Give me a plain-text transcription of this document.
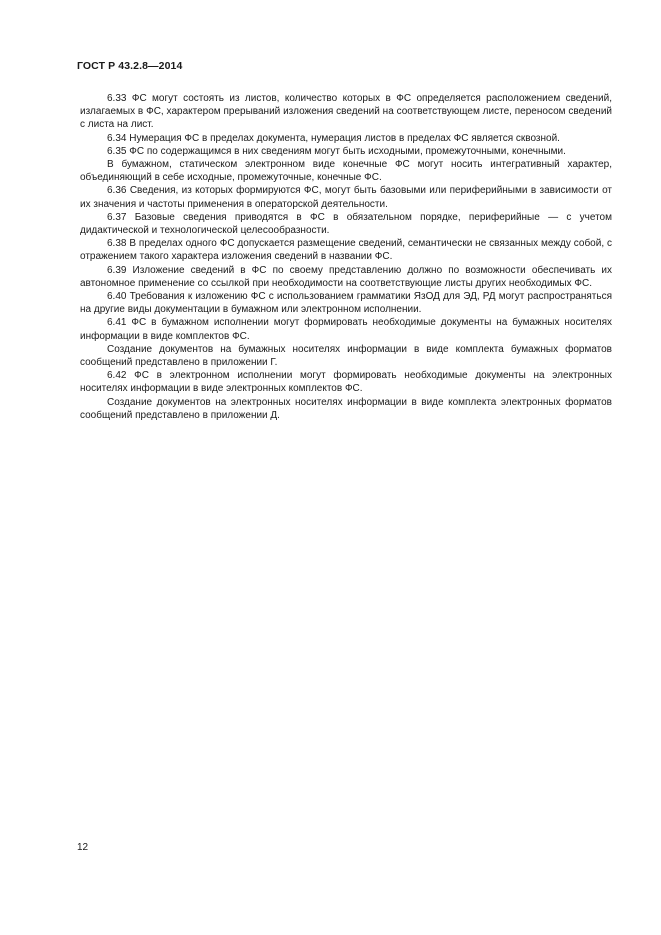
ГОСТ Р 43.2.8—2014

6.33 ФС могут состоять из листов, количество которых в ФС определяется расположением сведений, излагаемых в ФС, характером прерываний изложения сведений на соответствующем листе, переносом сведений с листа на лист.

6.34 Нумерация ФС в пределах документа, нумерация листов в пределах ФС является сквозной.

6.35 ФС по содержащимся в них сведениям могут быть исходными, промежуточными, конечными.

В бумажном, статическом электронном виде конечные ФС могут носить интегративный характер, объединяющий в себе исходные, промежуточные, конечные ФС.

6.36 Сведения, из которых формируются ФС, могут быть базовыми или периферийными в зависимости от их значения и частоты применения в операторской деятельности.

6.37 Базовые сведения приводятся в ФС в обязательном порядке, периферийные — с учетом дидактической и технологической целесообразности.

6.38 В пределах одного ФС допускается размещение сведений, семантически не связанных между собой, с отражением такого характера изложения сведений в названии ФС.

6.39 Изложение сведений в ФС по своему представлению должно по возможности обеспечивать их автономное применение со ссылкой при необходимости на соответствующие листы других необходимых ФС.

6.40 Требования к изложению ФС с использованием грамматики ЯзОД для ЭД, РД могут распространяться на другие виды документации в бумажном или электронном исполнении.

6.41 ФС в бумажном исполнении могут формировать необходимые документы на бумажных носителях информации в виде комплектов ФС.

Создание документов на бумажных носителях информации в виде комплекта бумажных форматов сообщений представлено в приложении Г.

6.42 ФС в электронном исполнении могут формировать необходимые документы на электронных носителях информации в виде электронных комплектов ФС.

Создание документов на электронных носителях информации в виде комплекта электронных форматов сообщений представлено в приложении Д.

12
